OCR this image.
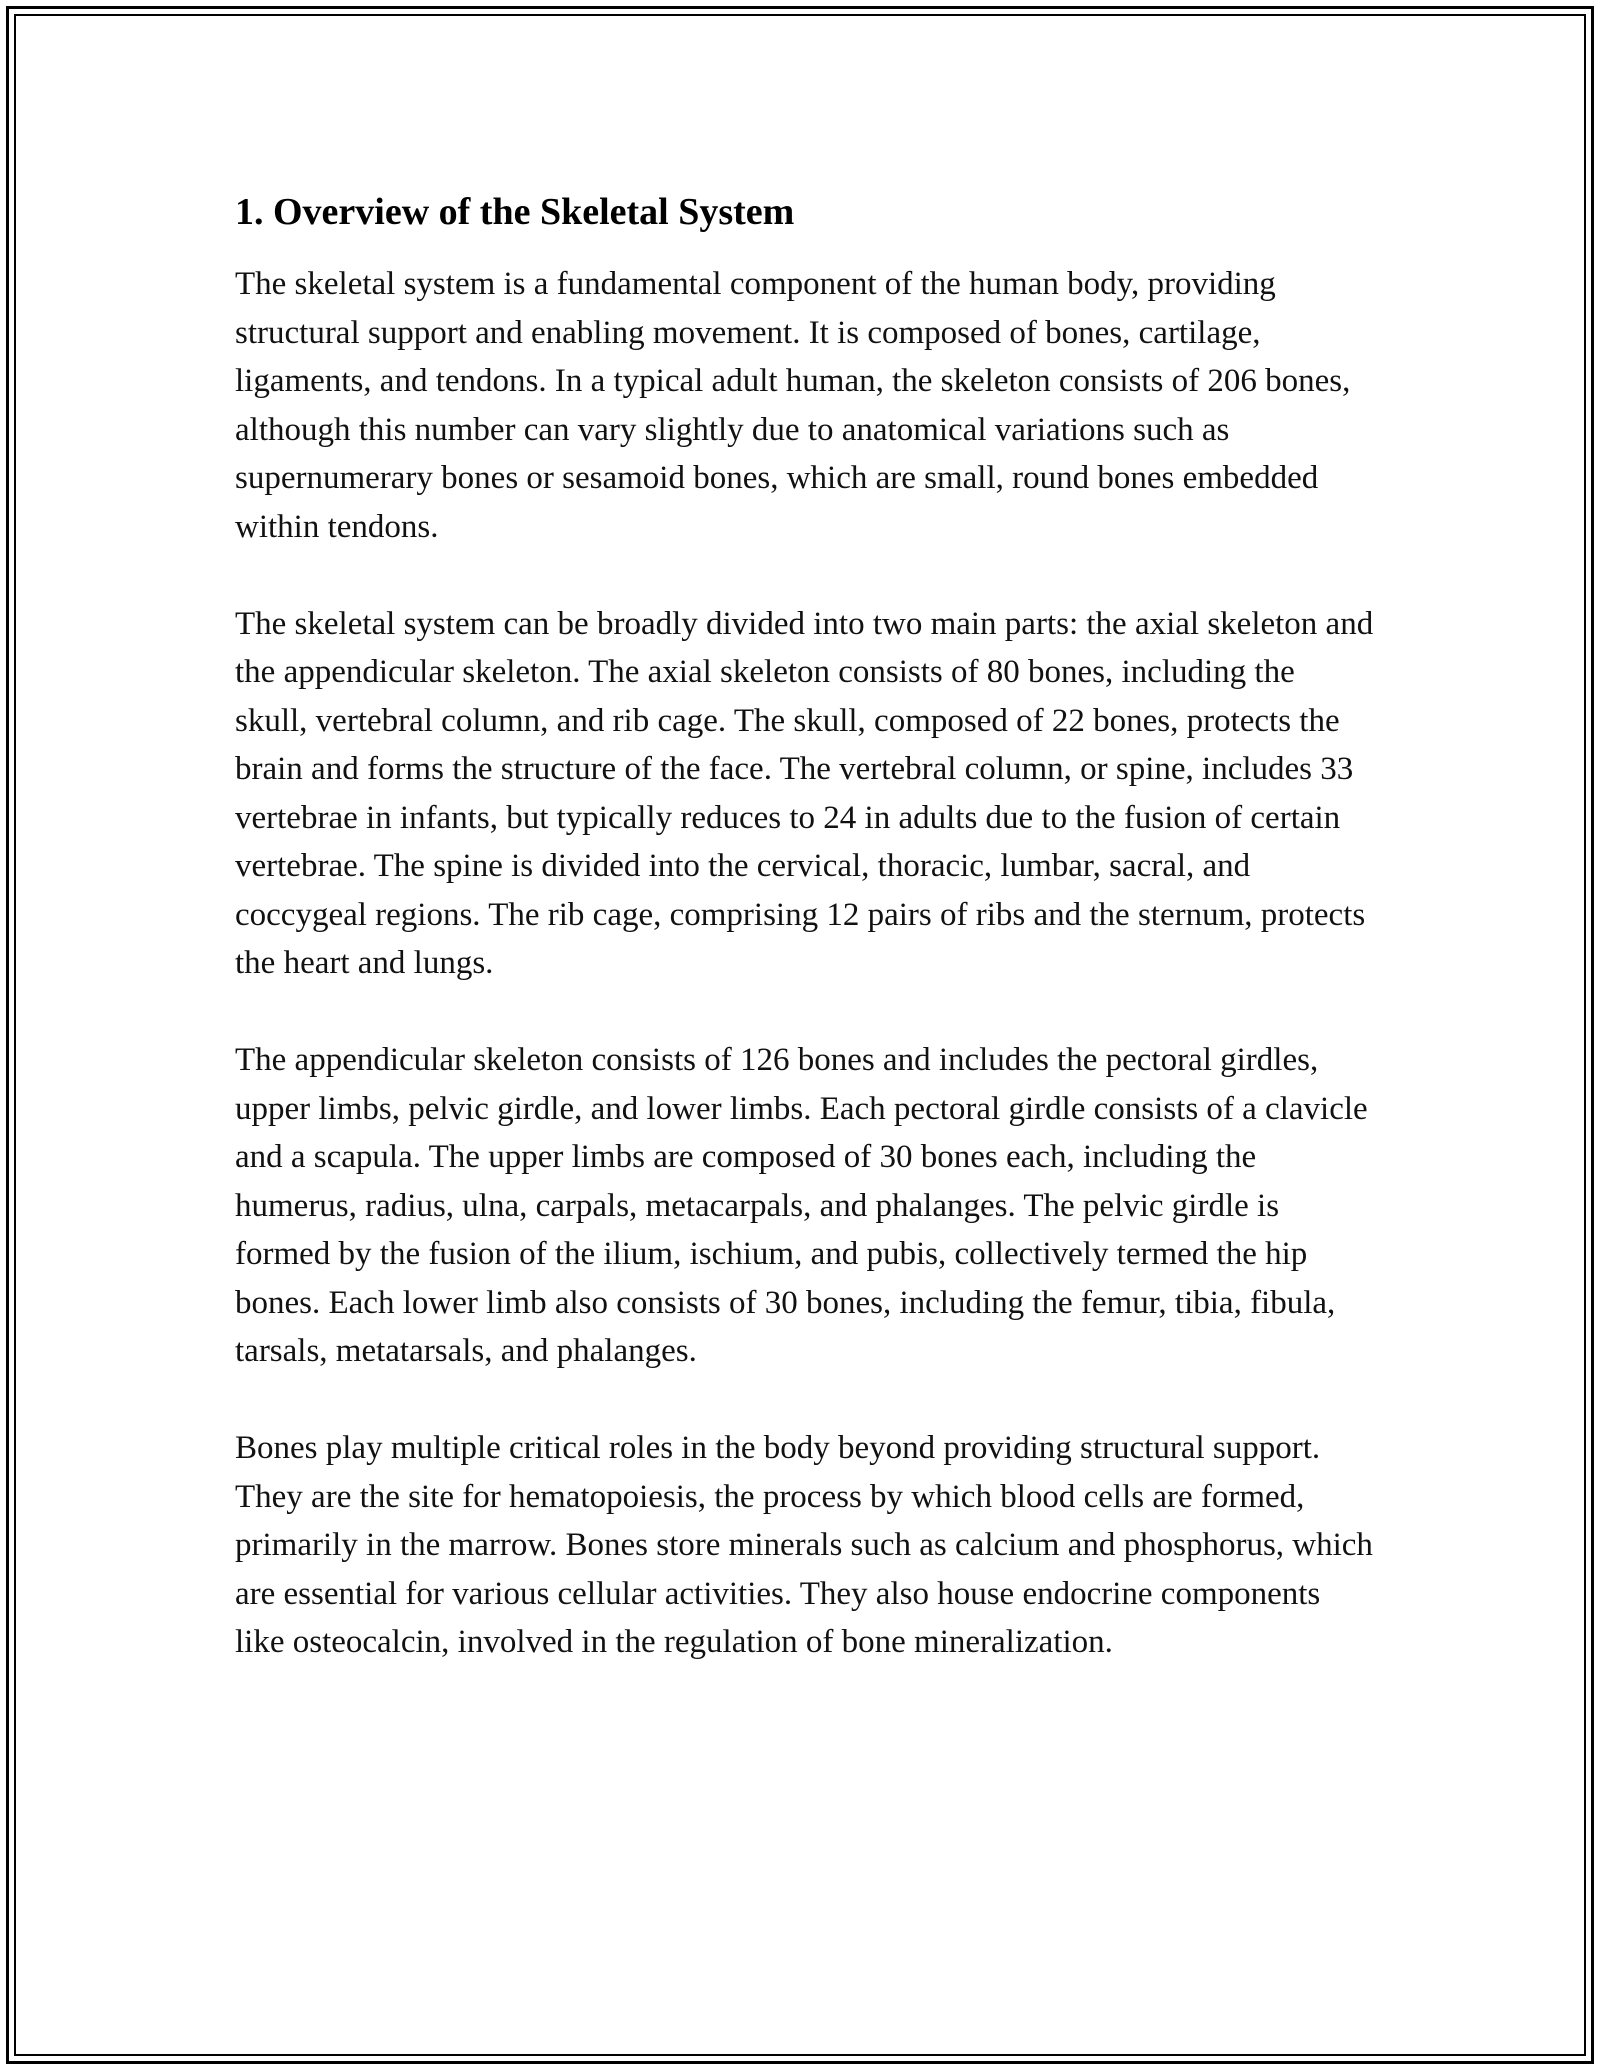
1. Overview of the Skeletal System

The skeletal system is a fundamental component of the human body, providing structural support and enabling movement. It is composed of bones, cartilage, ligaments, and tendons. In a typical adult human, the skeleton consists of 206 bones, although this number can vary slightly due to anatomical variations such as supernumerary bones or sesamoid bones, which are small, round bones embedded within tendons.

The skeletal system can be broadly divided into two main parts: the axial skeleton and the appendicular skeleton. The axial skeleton consists of 80 bones, including the skull, vertebral column, and rib cage. The skull, composed of 22 bones, protects the brain and forms the structure of the face. The vertebral column, or spine, includes 33 vertebrae in infants, but typically reduces to 24 in adults due to the fusion of certain vertebrae. The spine is divided into the cervical, thoracic, lumbar, sacral, and coccygeal regions. The rib cage, comprising 12 pairs of ribs and the sternum, protects the heart and lungs.

The appendicular skeleton consists of 126 bones and includes the pectoral girdles, upper limbs, pelvic girdle, and lower limbs. Each pectoral girdle consists of a clavicle and a scapula. The upper limbs are composed of 30 bones each, including the humerus, radius, ulna, carpals, metacarpals, and phalanges. The pelvic girdle is formed by the fusion of the ilium, ischium, and pubis, collectively termed the hip bones. Each lower limb also consists of 30 bones, including the femur, tibia, fibula, tarsals, metatarsals, and phalanges.

Bones play multiple critical roles in the body beyond providing structural support. They are the site for hematopoiesis, the process by which blood cells are formed, primarily in the marrow. Bones store minerals such as calcium and phosphorus, which are essential for various cellular activities. They also house endocrine components like osteocalcin, involved in the regulation of bone mineralization.
